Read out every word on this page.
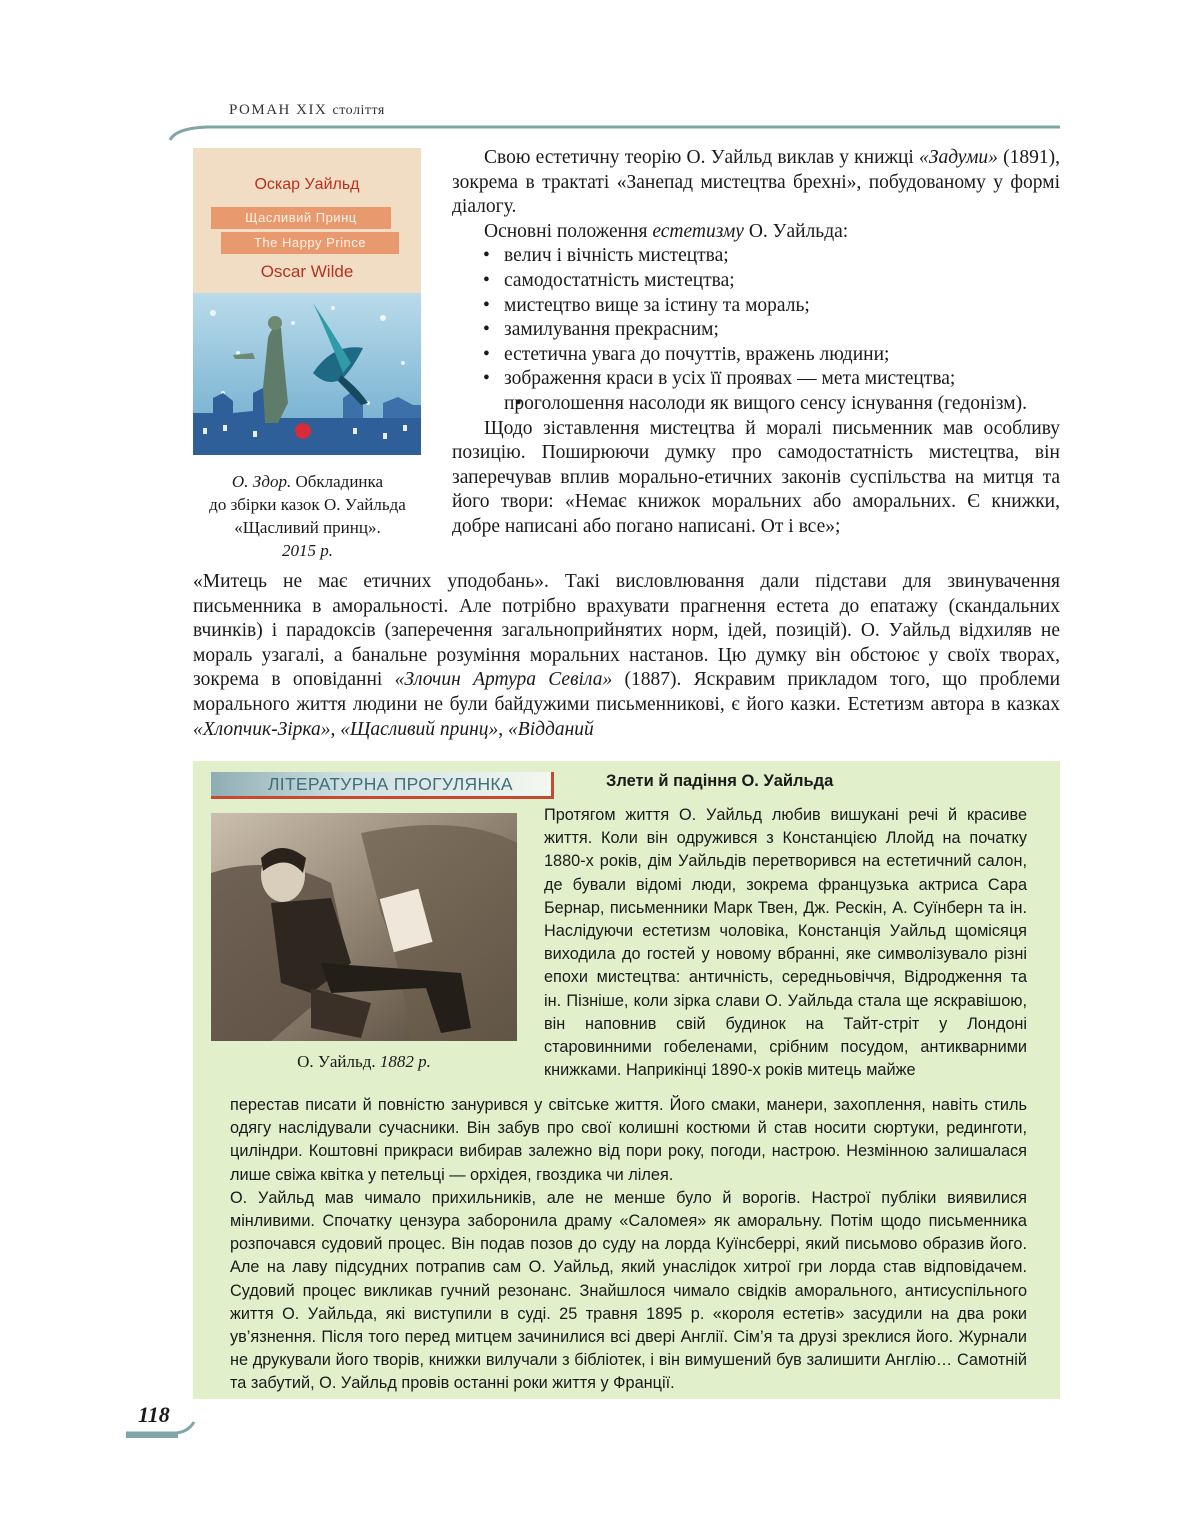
РОМАН XIX століття
Оскар Уайльд
Щасливий Принц
The Happy Prince
Oscar Wilde
О. Здор. Обкладинка
до збірки казок О. Уайльда
«Щасливий принц».
2015 р.

Свою естетичну теорію О. Уайльд виклав у книжці «Задуми» (1891), зокрема в трактаті «Занепад мистецтва брехні», побудованому у формі діалогу.

Основні положення естетизму О. Уайльда:

• велич і вічність мистецтва;
• самодостатність мистецтва;
• мистецтво вище за істину та мораль;
• замилування прекрасним;
• естетична увага до почуттів, вражень людини;
• зображення краси в усіх її проявах — мета мистецтва;
• проголошення насолоди як вищого сенсу існування (гедонізм).

Щодо зіставлення мистецтва й моралі письменник мав особливу позицію. Поширюючи думку про самодостатність мистецтва, він заперечував вплив морально-етичних законів суспільства на митця та його твори: «Немає книжок моральних або аморальних. Є книжки, добре написані або погано написані. От і все»;

«Митець не має етичних уподобань». Такі висловлювання дали підстави для звинувачення письменника в аморальності. Але потрібно врахувати прагнення естета до епатажу (скандальних вчинків) і парадоксів (заперечення загальноприйнятих норм, ідей, позицій). О. Уайльд відхиляв не мораль узагалі, а банальне розуміння моральних настанов. Цю думку він обстоює у своїх творах, зокрема в оповіданні «Злочин Артура Севіла» (1887). Яскравим прикладом того, що проблеми морального життя людини не були байдужими письменникові, є його казки. Естетизм автора в казках «Хлопчик-Зірка», «Щасливий принц», «Відданий

ЛІТЕРАТУРНА ПРОГУЛЯНКА	Злети й падіння О. Уайльда
О. Уайльд. 1882 р.

Протягом життя О. Уайльд любив вишукані речі й красиве життя. Коли він одружився з Констанцією Ллойд на початку 1880-х років, дім Уайльдів перетворився на естетичний салон, де бували відомі люди, зокрема французька актриса Сара Бернар, письменники Марк Твен, Дж. Рескін, А. Суїнберн та ін. Наслідуючи естетизм чоловіка, Констанція Уайльд щомісяця виходила до гостей у новому вбранні, яке символізувало різні епохи мистецтва: античність, середньовіччя, Відродження та ін. Пізніше, коли зірка слави О. Уайльда стала ще яскравішою, він наповнив свій будинок на Тайт-стріт у Лондоні старовинними гобеленами, срібним посудом, антикварними книжками. Наприкінці 1890-х років митець майже

перестав писати й повністю занурився у світське життя. Його смаки, манери, захоплення, навіть стиль одягу наслідували сучасники. Він забув про свої колишні костюми й став носити сюртуки, рединготи, циліндри. Коштовні прикраси вибирав залежно від пори року, погоди, настрою. Незмінною залишалася лише свіжа квітка у петельці — орхідея, гвоздика чи лілея.

О. Уайльд мав чимало прихильників, але не менше було й ворогів. Настрої публіки виявилися мінливими. Спочатку цензура заборонила драму «Саломея» як аморальну. Потім щодо письменника розпочався судовий процес. Він подав позов до суду на лорда Куїнсберрі, який письмово образив його. Але на лаву підсудних потрапив сам О. Уайльд, який унаслідок хитрої гри лорда став відповідачем. Судовий процес викликав гучний резонанс. Знайшлося чимало свідків аморального, антисуспільного життя О. Уайльда, які виступили в суді. 25 травня 1895 р. «короля естетів» засудили на два роки ув’язнення. Після того перед митцем зачинилися всі двері Англії. Сім’я та друзі зреклися його. Журнали не друкували його творів, книжки вилучали з бібліотек, і він вимушений був залишити Англію… Самотній та забутий, О. Уайльд провів останні роки життя у Франції.

118
